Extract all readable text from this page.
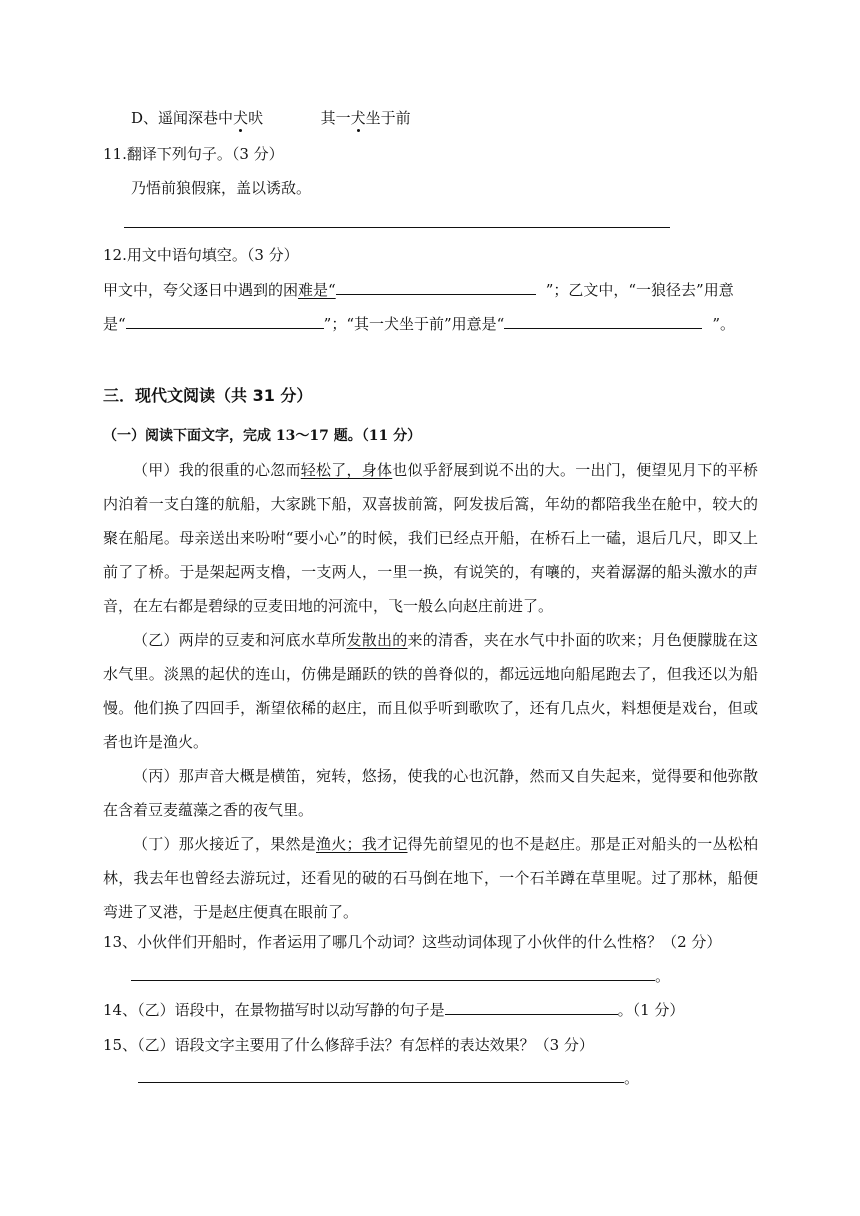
D、遥闻深巷中犬吠	其一犬坐于前
11.翻译下列句子。（3 分）
乃悟前狼假寐，盖以诱敌。
12.用文中语句填空。（3 分）
甲文中，夸父逐日中遇到的困难是“	”；乙文中，“一狼径去”用意
是“	”；“其一犬坐于前”用意是“	”。
三．现代文阅读（共 31 分）
（一）阅读下面文字，完成 13～17 题。（11 分）

（甲）我的很重的心忽而轻松了，身体也似乎舒展到说不出的大。一出门，便望见月下的平桥内泊着一支白篷的航船，大家跳下船，双喜拔前篙，阿发拔后篙，年幼的都陪我坐在舱中，较大的聚在船尾。母亲送出来吩咐“要小心”的时候，我们已经点开船，在桥石上一磕，退后几尺，即又上前了了桥。于是架起两支橹，一支两人，一里一换，有说笑的，有嚷的，夹着潺潺的船头激水的声音，在左右都是碧绿的豆麦田地的河流中，飞一般么向赵庄前进了。

（乙）两岸的豆麦和河底水草所发散出的来的清香，夹在水气中扑面的吹来；月色便朦胧在这水气里。淡黑的起伏的连山，仿佛是踊跃的铁的兽脊似的，都远远地向船尾跑去了，但我还以为船慢。他们换了四回手，渐望依稀的赵庄，而且似乎听到歌吹了，还有几点火，料想便是戏台，但或者也许是渔火。

（丙）那声音大概是横笛，宛转，悠扬，使我的心也沉静，然而又自失起来，觉得要和他弥散在含着豆麦蕴藻之香的夜气里。

（丁）那火接近了，果然是渔火；我才记得先前望见的也不是赵庄。那是正对船头的一丛松柏林，我去年也曾经去游玩过，还看见的破的石马倒在地下，一个石羊蹲在草里呢。过了那林，船便弯进了叉港，于是赵庄便真在眼前了。

13、小伙伴们开船时，作者运用了哪几个动词？这些动词体现了小伙伴的什么性格？（2 分）
。
14、（乙）语段中，在景物描写时以动写静的句子是	。（1 分）
15、（乙）语段文字主要用了什么修辞手法？有怎样的表达效果？（3 分）
。
